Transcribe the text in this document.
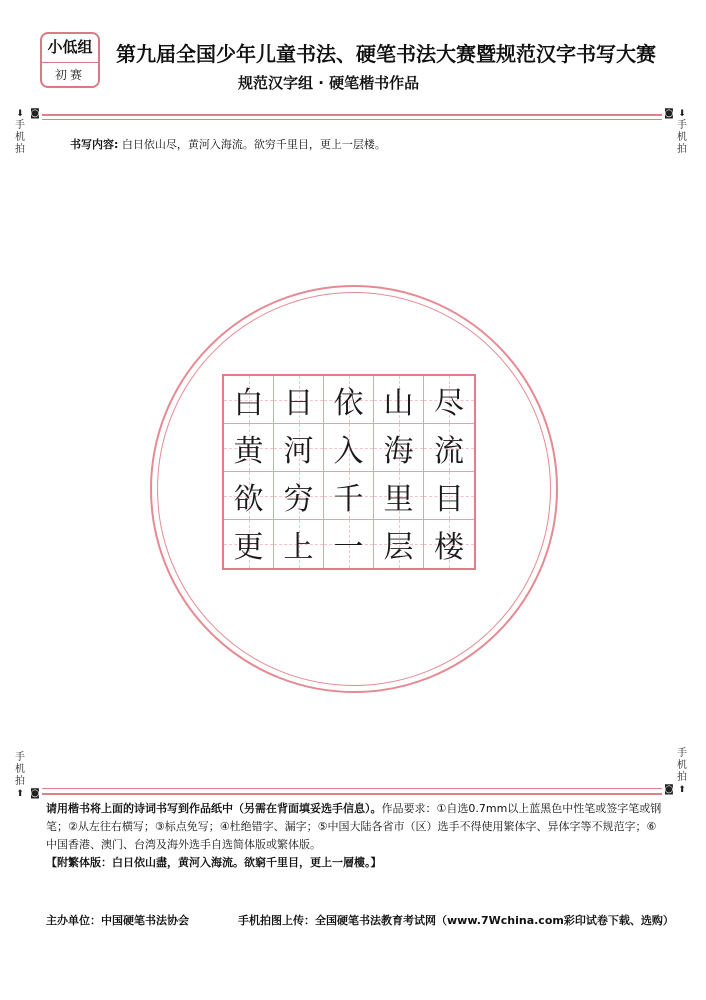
小低组
初赛
第九届全国少年儿童书法、硬笔书法大赛暨规范汉字书写大赛
规范汉字组 · 硬笔楷书作品
⬇
手
机
拍
◙	⬇
手
机
拍
◙
书写内容: 白日依山尽，黄河入海流。欲穷千里目，更上一层楼。
白 日 依 山 尽
黄 河 入 海 流
欲 穷 千 里 目
更 上 一 层 楼
手
机
拍
⬆ ◙
手
机
拍
⬆
◙
请用楷书将上面的诗词书写到作品纸中（另需在背面填妥选手信息）。作品要求：①自选0.7mm以上蓝黑色中性笔或签字笔或钢笔；②从左往右横写；③标点免写；④杜绝错字、漏字；⑤中国大陆各省市（区）选手不得使用繁体字、异体字等不规范字；⑥中国香港、澳门、台湾及海外选手自选简体版或繁体版。
【附繁体版：白日依山盡，黄河入海流。欲窮千里目，更上一層樓。】
主办单位：中国硬笔书法协会	手机拍图上传：全国硬笔书法教育考试网（www.7Wchina.com彩印试卷下载、选购）
